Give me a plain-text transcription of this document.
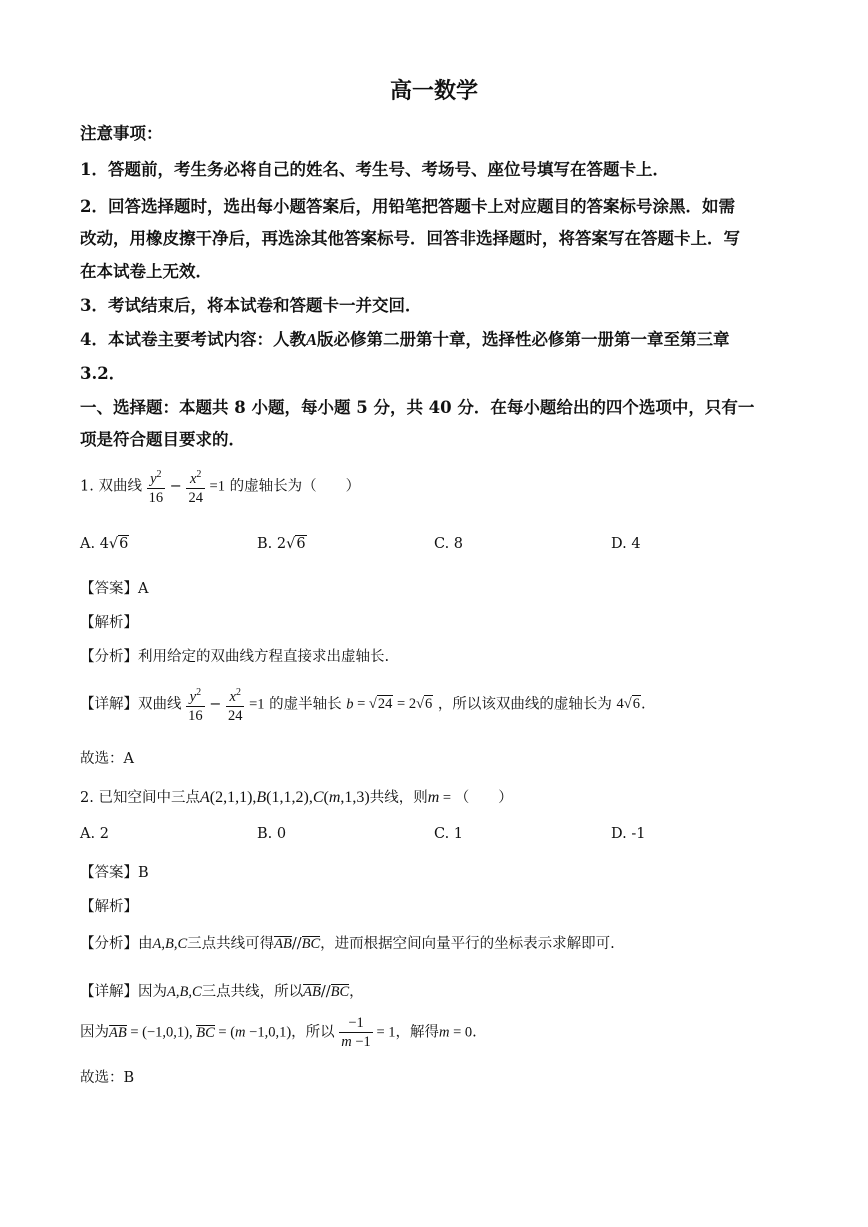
高一数学
注意事项：
1．答题前，考生务必将自己的姓名、考生号、考场号、座位号填写在答题卡上．
2．回答选择题时，选出每小题答案后，用铅笔把答题卡上对应题目的答案标号涂黑．如需
改动，用橡皮擦干净后，再选涂其他答案标号．回答非选择题时，将答案写在答题卡上．写
在本试卷上无效．
3．考试结束后，将本试卷和答题卡一并交回．
4．本试卷主要考试内容：人教A版必修第二册第十章，选择性必修第一册第一章至第三章
3.2．
一、选择题：本题共 8 小题，每小题 5 分，共 40 分．在每小题给出的四个选项中，只有一
项是符合题目要求的．
1. 双曲线 $\frac{y^2}{16} - \frac{x^2}{24} =1$ 的虚轴长为（　　）
A. 4√6	B. 2√6	C. 8	D. 4
【答案】A
【解析】
【分析】利用给定的双曲线方程直接求出虚轴长.
【详解】双曲线 $\frac{y^2}{16} - \frac{x^2}{24} =1$ 的虚半轴长 b = √24 = 2√6 ，所以该双曲线的虚轴长为 4√6.
故选：A
2. 已知空间中三点A(2,1,1),B(1,1,2),C(m,1,3)共线，则m = （　　）
A. 2	B. 0	C. 1	D. -1
【答案】B
【解析】
【分析】由A,B,C三点共线可得AB//BC，进而根据空间向量平行的坐标表示求解即可.
【详解】因为A,B,C三点共线，所以AB//BC，
因为AB = (−1,0,1), BC = (m −1,0,1)，所以 $\frac{-1}{m -1} = 1$，解得m = 0.
故选：B
